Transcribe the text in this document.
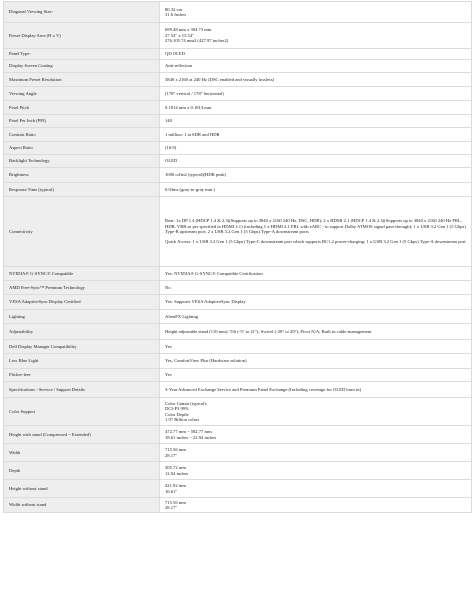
Diagonal Viewing Size:	80.32 cm
31.6 Inches

Preset Display Area (H x V)	699.48 mm x 394.73 mm
27.54" x 15.54"
276,105.74 mm2 (427.97 inches2)

Panel Type:	QD OLED

Display Screen Coating	Anti-reflection

Maximum Preset Resolution	3840 x 2160 at 240 Hz (DSC enabled and visually lossless)

Viewing Angle	(178° vertical / 178° horizontal)

Pixel Pitch	0.1814 mm x 0.1814 mm

Pixel Per Inch (PPI)	140

Contrast Ratio	1 million: 1 at SDR and HDR

Aspect Ratio	(16:9)

Backlight Technology	OLED

Brightness	1000 cd/m2 (typical)(HDR peak)

Response Time (typical)	0.03ms (gray-to-gray min.)

Connectivity	Rear: 1x DP 1.4 (HDCP 1.4 & 2.3)(Supports up to 3840 x 2160 240 Hz, DSC, HDR); 2 x HDMI 2.1 (HDCP 1.4 & 2.3)(Supports up to 3840 x 2160 240 Hz FRL, HDR, VRR as per specified in HDMI 2.1) (including 1 x HDMI 2.1 FRL with eARC - to support Dolby ATMOS signal pass-through); 1 x USB 3.2 Gen 1 (5 Gbps) Type-B upstream port; 2 x USB 3.2 Gen 1 (5 Gbps) Type-A downstream ports
Quick Access: 1 x USB 3.2 Gen 1 (5 Gbps) Type-C downstream port which supports BC1.2 power-charging; 1 x USB 3.2 Gen 1 (5 Gbps) Type-A downstream port

NVIDIA® G-SYNC® Compatible	Yes: NVIDIA® G-SYNC® Compatible Certification

AMD Free-Sync™ Premium Technology	No

VESA AdaptiveSync Display Certified	Yes: Supports VESA AdaptiveSync Display

Lighting	AlienFX Lighting

Adjustability	Height adjustable stand (110 mm); Tilt (-5° to 21°); Swivel (-20° to 20°); Pivot N/A; Built in cable-management

Dell Display Manager Compatibility	Yes

Low Blue Light	Yes, ComfortView Plus (Hardware solution)

Flicker-free	Yes

Specifications - Service / Support Details	3-Year Advanced Exchange Service and Premium Panel Exchange (Including coverage for OLED burn in)

Color Support	Color Gamut (typical):
DCI-P3 99%
Color Depth:
1.07 Billion colors

Height with stand (Compressed ~ Extended)	472.77 mm ~ 582.77 mm
18.61 inches ~ 22.94 inches

Width	715.56 mm
28.17"

Depth	305.72 mm
12.04 inches

Height without stand	421.92 mm
16.61"

Width without stand	715.56 mm
28.17"
